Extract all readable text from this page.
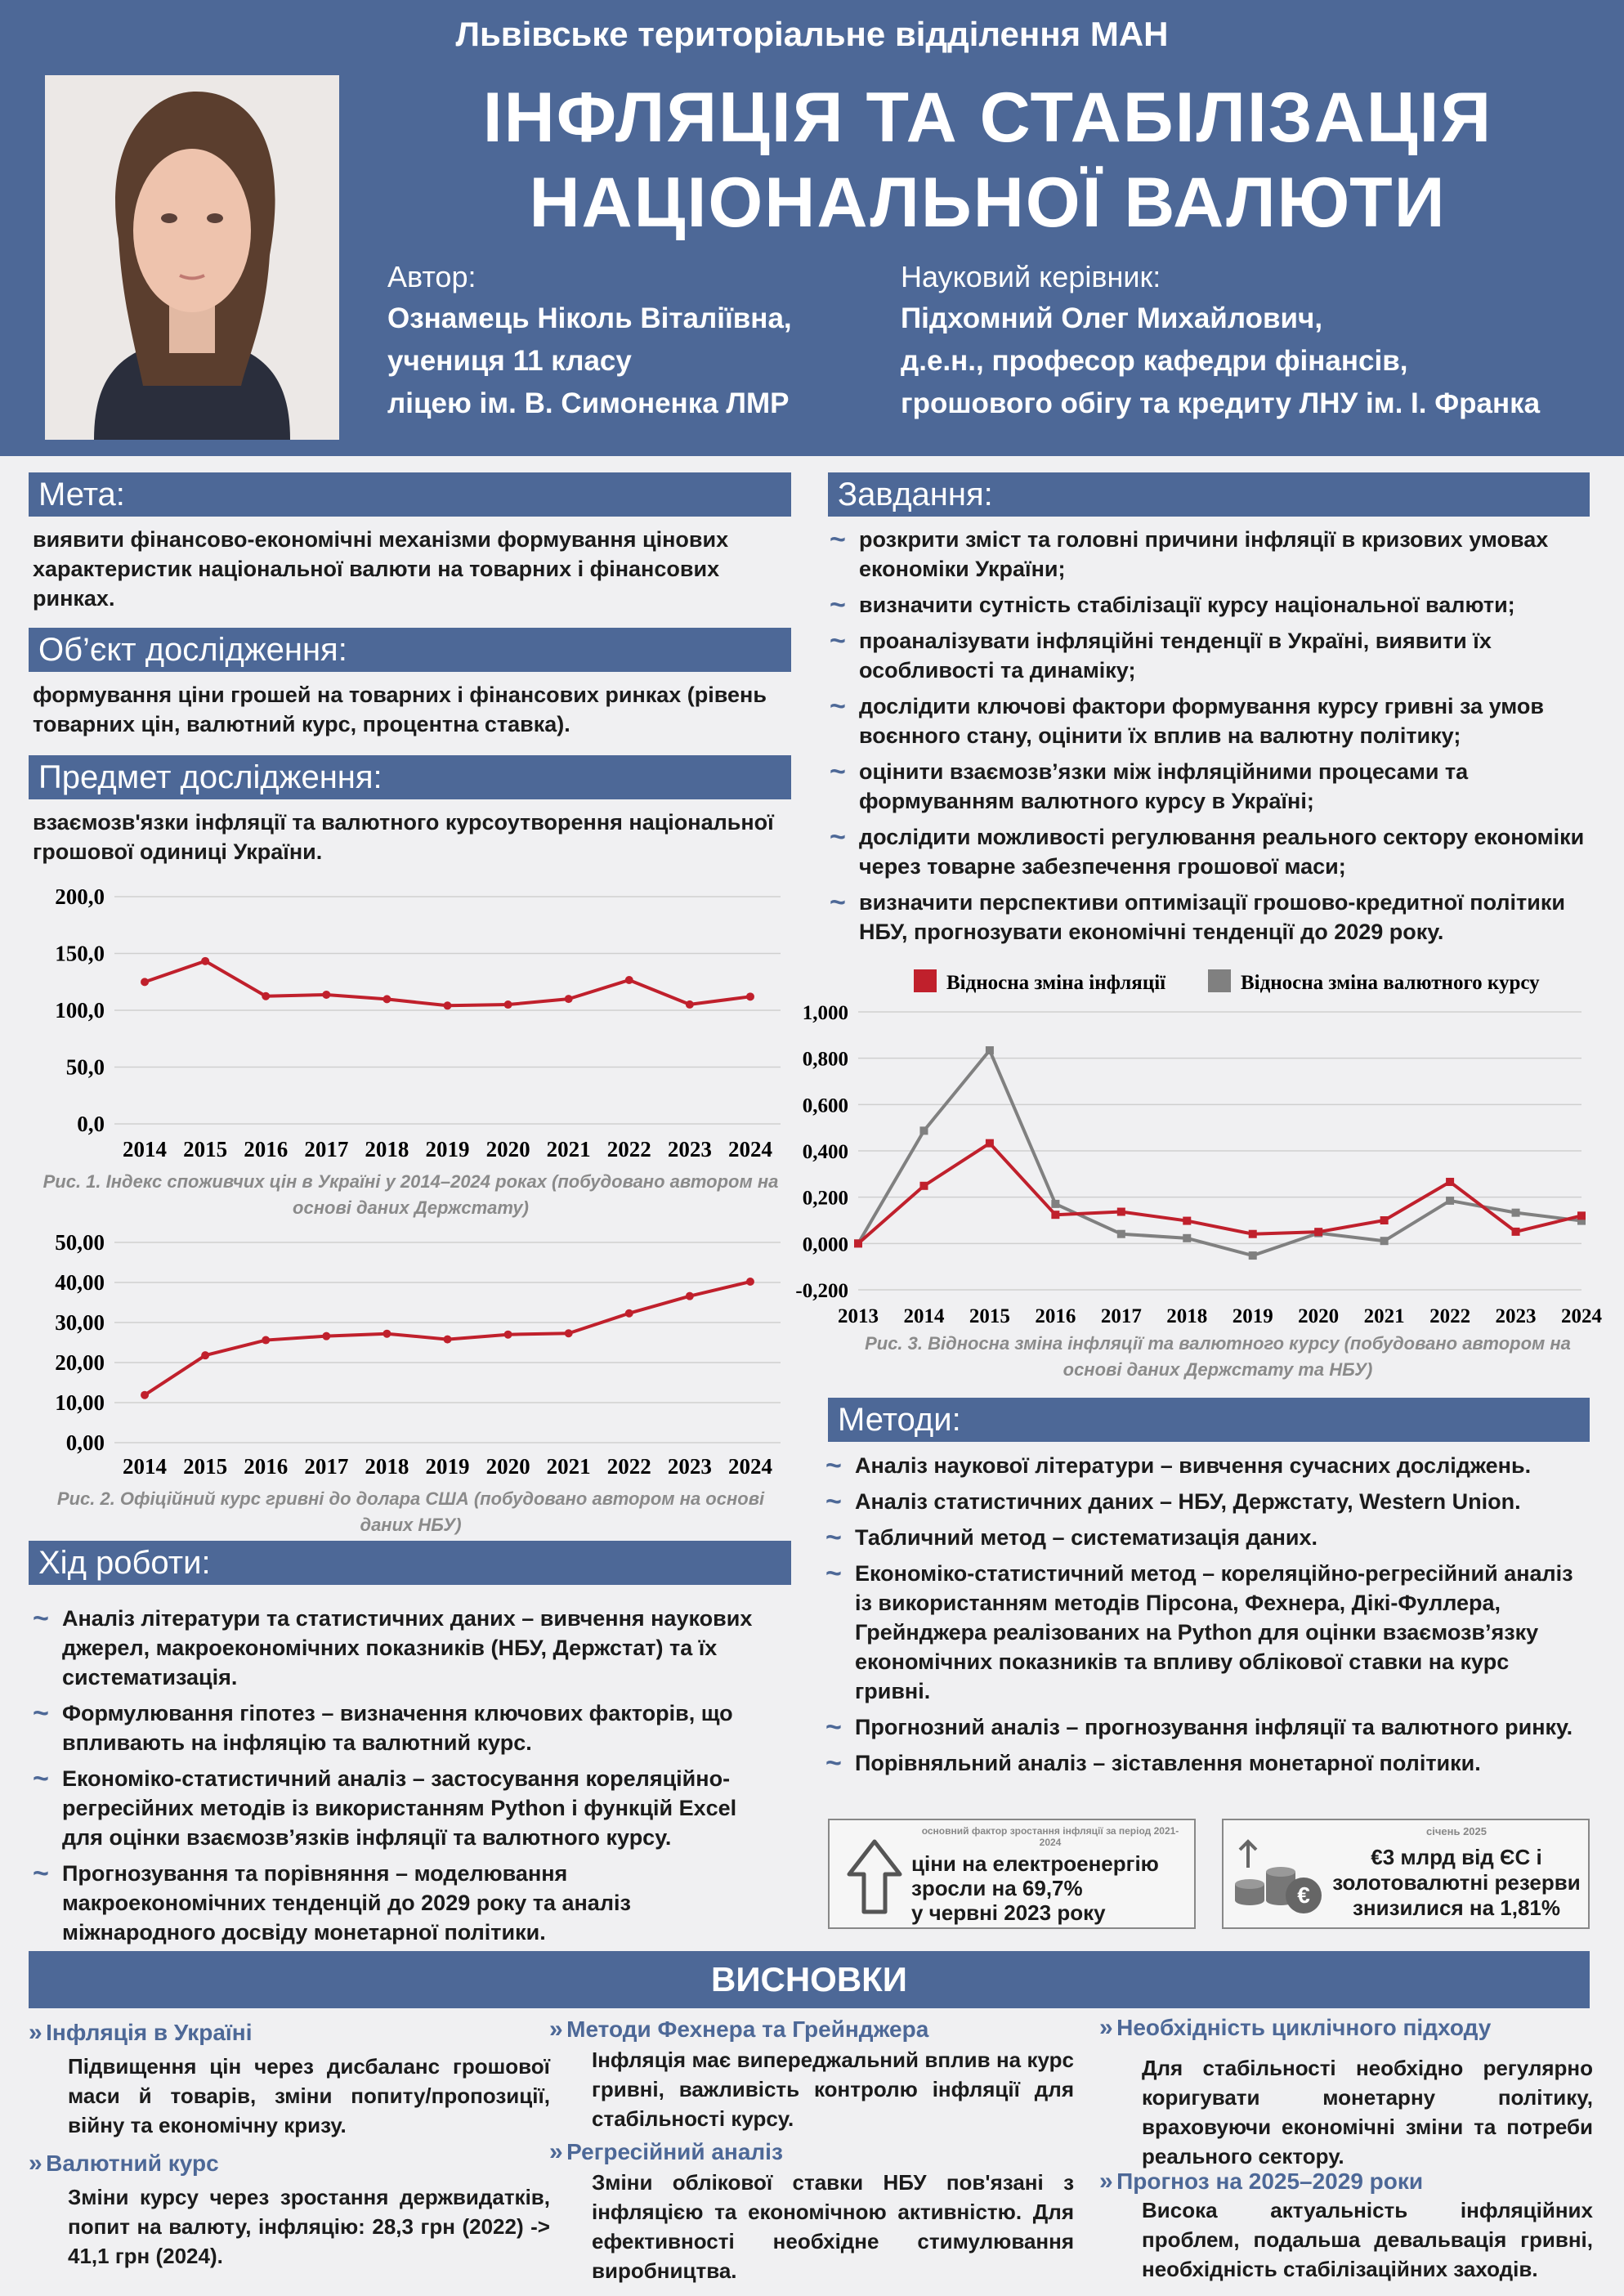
Львівське територіальне відділення МАН
ІНФЛЯЦІЯ ТА СТАБІЛІЗАЦІЯ
НАЦІОНАЛЬНОЇ ВАЛЮТИ
Автор:
Ознамець Ніколь Віталіївна,
учениця 11 класу
ліцею ім. В. Симоненка ЛМР
Науковий керівник:
Підхомний Олег Михайлович,
д.е.н., професор кафедри фінансів,
грошового обігу та кредиту ЛНУ ім. І. Франка
Мета:
виявити фінансово-економічні механізми формування цінових характеристик національної валюти на товарних і фінансових ринках.
Об’єкт дослідження:
формування ціни грошей на товарних і фінансових ринках (рівень товарних цін, валютний курс, процентна ставка).
Предмет дослідження:
взаємозв'язки інфляції та валютного курсоутворення національної грошової одиниці України.
0,0
50,0
100,0
150,0
200,0
2014 2015 2016 2017 2018 2019 2020 2021 2022 2023 2024
Рис. 1. Індекс споживчих цін в Україні у 2014–2024 роках (побудовано автором на основі даних Держстату)
0,00
10,00
20,00
30,00
40,00
50,00
2014 2015 2016 2017 2018 2019 2020 2021 2022 2023 2024
Рис. 2. Офіційний курс гривні до долара США (побудовано автором на основі даних НБУ)
Хід роботи:
~ Аналіз літератури та статистичних даних – вивчення наукових джерел, макроекономічних показників (НБУ, Держстат) та їх систематизація.
~ Формулювання гіпотез – визначення ключових факторів, що впливають на інфляцію та валютний курс.
~ Економіко-статистичний аналіз – застосування кореляційно-регресійних методів із використанням Python і функцій Excel для оцінки взаємозв’язків інфляції та валютного курсу.
~ Прогнозування та порівняння – моделювання макроекономічних тенденцій до 2029 року та аналіз міжнародного досвіду монетарної політики.
Завдання:
~ розкрити зміст та головні причини інфляції в кризових умовах економіки України;
~ визначити сутність стабілізації курсу національної валюти;
~ проаналізувати інфляційні тенденції в Україні, виявити їх особливості та динаміку;
~ дослідити ключові фактори формування курсу гривні за умов воєнного стану, оцінити їх вплив на валютну політику;
~ оцінити взаємозв’язки між інфляційними процесами та формуванням валютного курсу в Україні;
~ дослідити можливості регулювання реального сектору економіки через товарне забезпечення грошової маси;
~ визначити перспективи оптимізації грошово-кредитної політики НБУ, прогнозувати економічні тенденції до 2029 року.
-0,200
0,000
0,200
0,400
0,600
0,800
1,000
2013 2014 2015 2016 2017 2018 2019 2020 2021 2022 2023 2024
Відносна зміна інфляції	Відносна зміна валютного курсу
Рис. 3. Відносна зміна інфляції та валютного курсу (побудовано автором на основі даних Держстату та НБУ)
Методи:
~ Аналіз наукової літератури – вивчення сучасних досліджень.
~ Аналіз статистичних даних – НБУ, Держстату, Western Union.
~ Табличний метод – систематизація даних.
~ Економіко-статистичний метод – кореляційно-регресійний аналіз із використанням методів Пірсона, Фехнера, Дікі-Фуллера, Грейнджера реалізованих на Python для оцінки взаємозв’язку економічних показників та впливу облікової ставки на курс гривні.
~ Прогнозний аналіз – прогнозування інфляції та валютного ринку.
~ Порівняльний аналіз – зіставлення монетарної політики.
основний фактор зростання інфляції за період 2021-2024
ціни на електроенергію
зросли на 69,7%
у червні 2023 року
€
січень 2025
€3 млрд від ЄС і
золотовалютні резерви
знизилися на 1,81%
ВИСНОВКИ
» Інфляція в Україні
Підвищення цін через дисбаланс грошової маси й товарів, зміни попиту/пропозиції, війну та економічну кризу.
» Валютний курс
Зміни курсу через зростання держвидатків, попит на валюту, інфляцію: 28,3 грн (2022) -> 41,1 грн (2024).
» Методи Фехнера та Грейнджера
Інфляція має випереджальний вплив на курс гривні, важливість контролю інфляції для стабільності курсу.
» Регресійний аналіз
Зміни облікової ставки НБУ пов'язані з інфляцією та економічною активністю. Для ефективності необхідне стимулювання виробництва.
» Необхідність циклічного підходу
Для стабільності необхідно регулярно коригувати монетарну політику, враховуючи економічні зміни та потреби реального сектору.
» Прогноз на 2025–2029 роки
Висока актуальність інфляційних проблем, подальша девальвація гривні, необхідність стабілізаційних заходів.
